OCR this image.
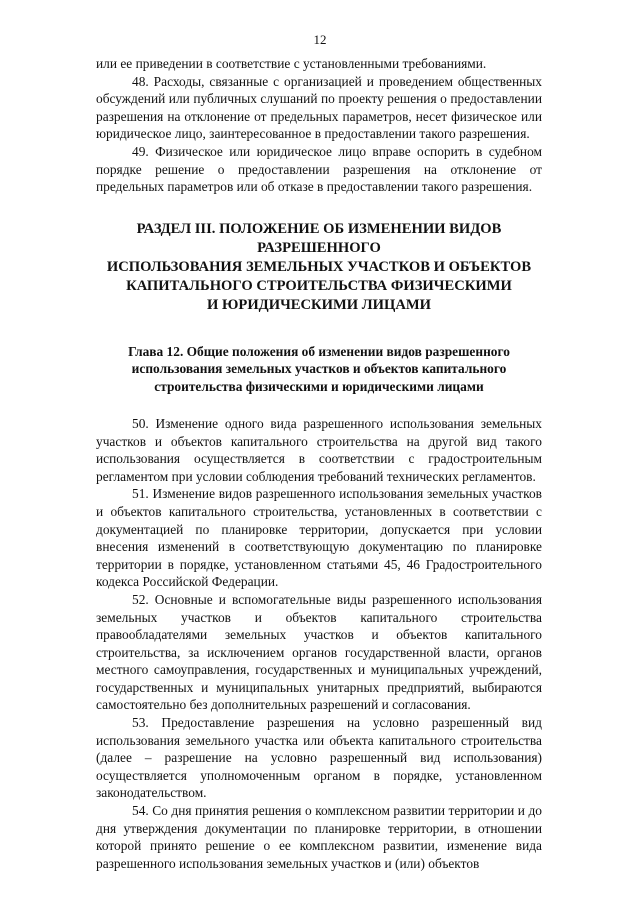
12

или ее приведении в соответствие с установленными требованиями.

48. Расходы, связанные с организацией и проведением общественных обсуждений или публичных слушаний по проекту решения о предоставлении разрешения на отклонение от предельных параметров, несет физическое или юридическое лицо, заинтересованное в предоставлении такого разрешения.

49. Физическое или юридическое лицо вправе оспорить в судебном порядке решение о предоставлении разрешения на отклонение от предельных параметров или об отказе в предоставлении такого разрешения.

РАЗДЕЛ III. ПОЛОЖЕНИЕ ОБ ИЗМЕНЕНИИ ВИДОВ РАЗРЕШЕННОГО
ИСПОЛЬЗОВАНИЯ ЗЕМЕЛЬНЫХ УЧАСТКОВ И ОБЪЕКТОВ
КАПИТАЛЬНОГО СТРОИТЕЛЬСТВА ФИЗИЧЕСКИМИ
И ЮРИДИЧЕСКИМИ ЛИЦАМИ
Глава 12. Общие положения об изменении видов разрешенного
использования земельных участков и объектов капитального
строительства физическими и юридическими лицами

50. Изменение одного вида разрешенного использования земельных участков и объектов капитального строительства на другой вид такого использования осуществляется в соответствии с градостроительным регламентом при условии соблюдения требований технических регламентов.

51. Изменение видов разрешенного использования земельных участков и объектов капитального строительства, установленных в соответствии с документацией по планировке территории, допускается при условии внесения изменений в соответствующую документацию по планировке территории в порядке, установленном статьями 45, 46 Градостроительного кодекса Российской Федерации.

52. Основные и вспомогательные виды разрешенного использования земельных участков и объектов капитального строительства правообладателями земельных участков и объектов капитального строительства, за исключением органов государственной власти, органов местного самоуправления, государственных и муниципальных учреждений, государственных и муниципальных унитарных предприятий, выбираются самостоятельно без дополнительных разрешений и согласования.

53. Предоставление разрешения на условно разрешенный вид использования земельного участка или объекта капитального строительства (далее – разрешение на условно разрешенный вид использования) осуществляется уполномоченным органом в порядке, установленном законодательством.

54. Со дня принятия решения о комплексном развитии территории и до дня утверждения документации по планировке территории, в отношении которой принято решение о ее комплексном развитии, изменение вида разрешенного использования земельных участков и (или) объектов
